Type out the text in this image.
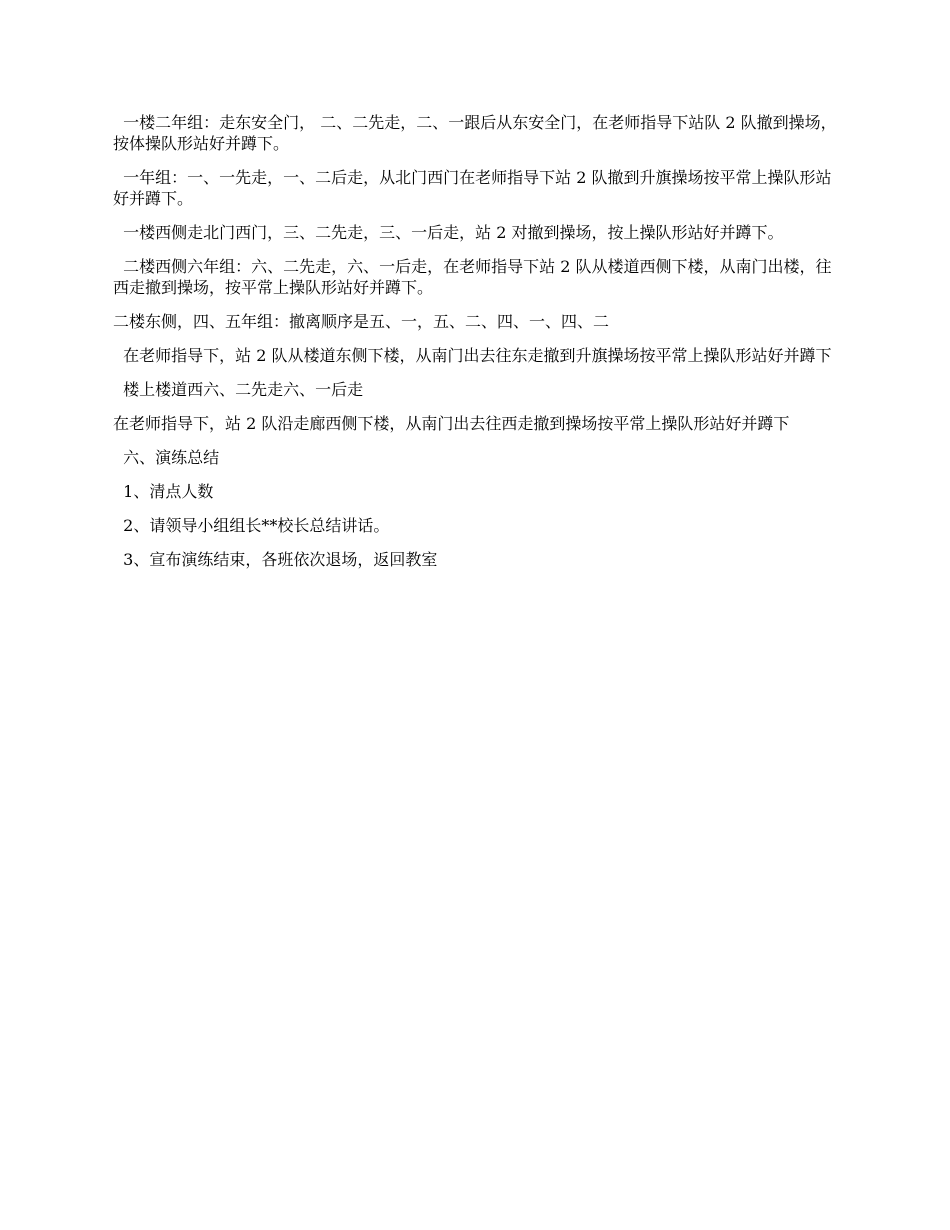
一楼二年组：走东安全门， 二、二先走，二、一跟后从东安全门，在老师指导下站队 2 队撤到操场，按体操队形站好并蹲下。

一年组：一、一先走，一、二后走，从北门西门在老师指导下站 2 队撤到升旗操场按平常上操队形站好并蹲下。

一楼西侧走北门西门，三、二先走，三、一后走，站 2 对撤到操场，按上操队形站好并蹲下。

二楼西侧六年组：六、二先走，六、一后走，在老师指导下站 2 队从楼道西侧下楼，从南门出楼，往西走撤到操场，按平常上操队形站好并蹲下。

二楼东侧，四、五年组：撤离顺序是五、一，五、二、四、一、四、二

在老师指导下，站 2 队从楼道东侧下楼，从南门出去往东走撤到升旗操场按平常上操队形站好并蹲下

楼上楼道西六、二先走六、一后走

在老师指导下，站 2 队沿走廊西侧下楼，从南门出去往西走撤到操场按平常上操队形站好并蹲下

六、演练总结

1、清点人数

2、请领导小组组长**校长总结讲话。

3、宣布演练结束，各班依次退场，返回教室
